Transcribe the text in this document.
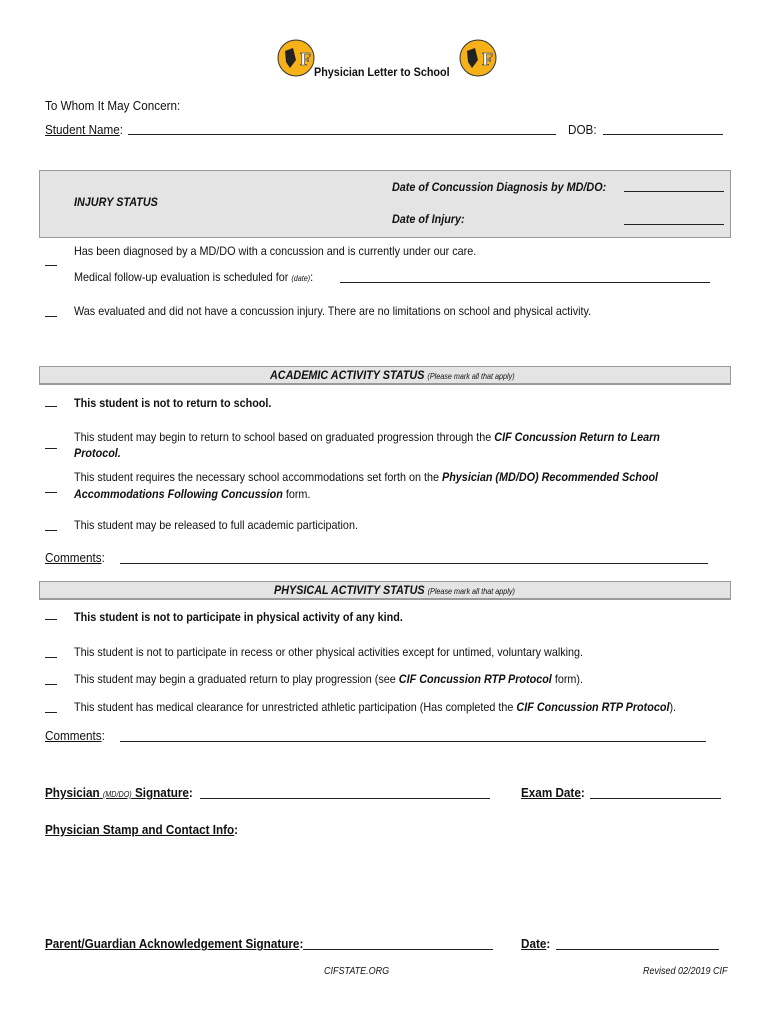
F	F
Physician Letter to School
To Whom It May Concern:
Student Name:	DOB:
INJURY STATUS
Date of Concussion Diagnosis by MD/DO:
Date of Injury:
Has been diagnosed by a MD/DO with a concussion and is currently under our care.
Medical follow-up evaluation is scheduled for (date):
Was evaluated and did not have a concussion injury. There are no limitations on school and physical activity.
ACADEMIC ACTIVITY STATUS (Please mark all that apply)
This student is not to return to school.
This student may begin to return to school based on graduated progression through the CIF Concussion Return to Learn
Protocol.
This student requires the necessary school accommodations set forth on the Physician (MD/DO) Recommended School
Accommodations Following Concussion form.
This student may be released to full academic participation.
Comments:
PHYSICAL ACTIVITY STATUS (Please mark all that apply)
This student is not to participate in physical activity of any kind.
This student is not to participate in recess or other physical activities except for untimed, voluntary walking.
This student may begin a graduated return to play progression (see CIF Concussion RTP Protocol form).
This student has medical clearance for unrestricted athletic participation (Has completed the CIF Concussion RTP Protocol).
Comments:
Physician (MD/DO) Signature:	Exam Date:
Physician Stamp and Contact Info:
Parent/Guardian Acknowledgement Signature:	Date:
CIFSTATE.ORG	Revised 02/2019 CIF
